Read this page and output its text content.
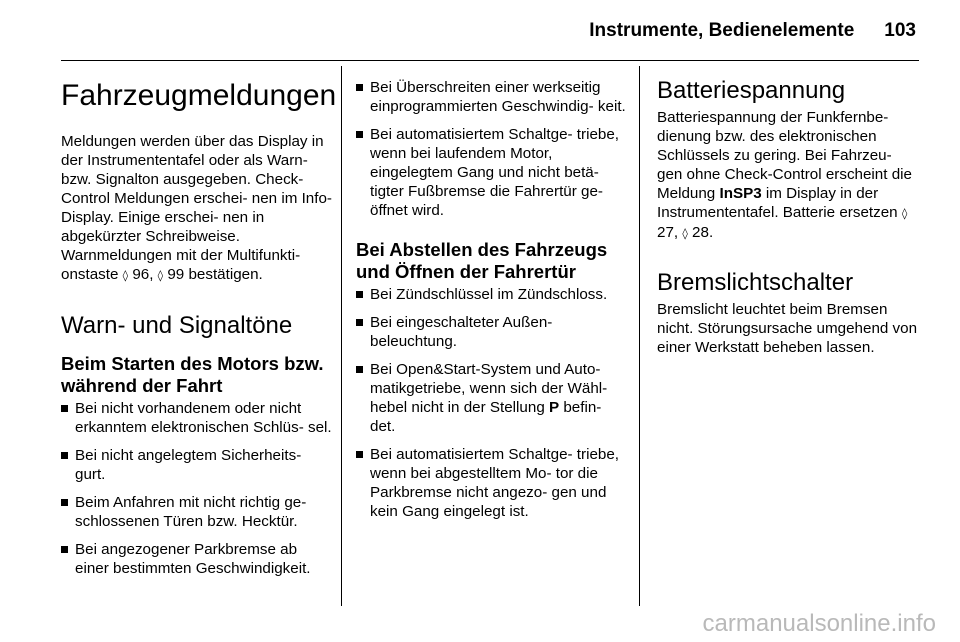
Instrumente, Bedienelemente 103
Fahrzeugmeldungen

Meldungen werden über das Display in der Instrumententafel oder als Warn- bzw. Signalton ausgegeben. Check-Control Meldungen erschei- nen im Info-Display. Einige erschei- nen in abgekürzter Schreibweise. Warnmeldungen mit der Multifunkti- onstaste ◊ 96, ◊ 99 bestätigen.

Warn- und Signaltöne
Beim Starten des Motors bzw. während der Fahrt
Bei nicht vorhandenem oder nicht erkanntem elektronischen Schlüs- sel.
Bei nicht angelegtem Sicherheits- gurt.
Beim Anfahren mit nicht richtig ge- schlossenen Türen bzw. Hecktür.
Bei angezogener Parkbremse ab einer bestimmten Geschwindigkeit.
Bei Überschreiten einer werkseitig einprogrammierten Geschwindig- keit.
Bei automatisiertem Schaltge- triebe, wenn bei laufendem Motor, eingelegtem Gang und nicht betä- tigter Fußbremse die Fahrertür ge- öffnet wird.
Bei Abstellen des Fahrzeugs und Öffnen der Fahrertür
Bei Zündschlüssel im Zündschloss.
Bei eingeschalteter Außen- beleuchtung.
Bei Open&Start-System und Auto- matikgetriebe, wenn sich der Wähl- hebel nicht in der Stellung P befin- det.
Bei automatisiertem Schaltge- triebe, wenn bei abgestelltem Mo- tor die Parkbremse nicht angezo- gen und kein Gang eingelegt ist.
Batteriespannung

Batteriespannung der Funkfernbe- dienung bzw. des elektronischen Schlüssels zu gering. Bei Fahrzeu- gen ohne Check-Control erscheint die Meldung InSP3 im Display in der Instrumententafel. Batterie ersetzen ◊ 27, ◊ 28.

Bremslichtschalter

Bremslicht leuchtet beim Bremsen nicht. Störungsursache umgehend von einer Werkstatt beheben lassen.

carmanualsonline.info
